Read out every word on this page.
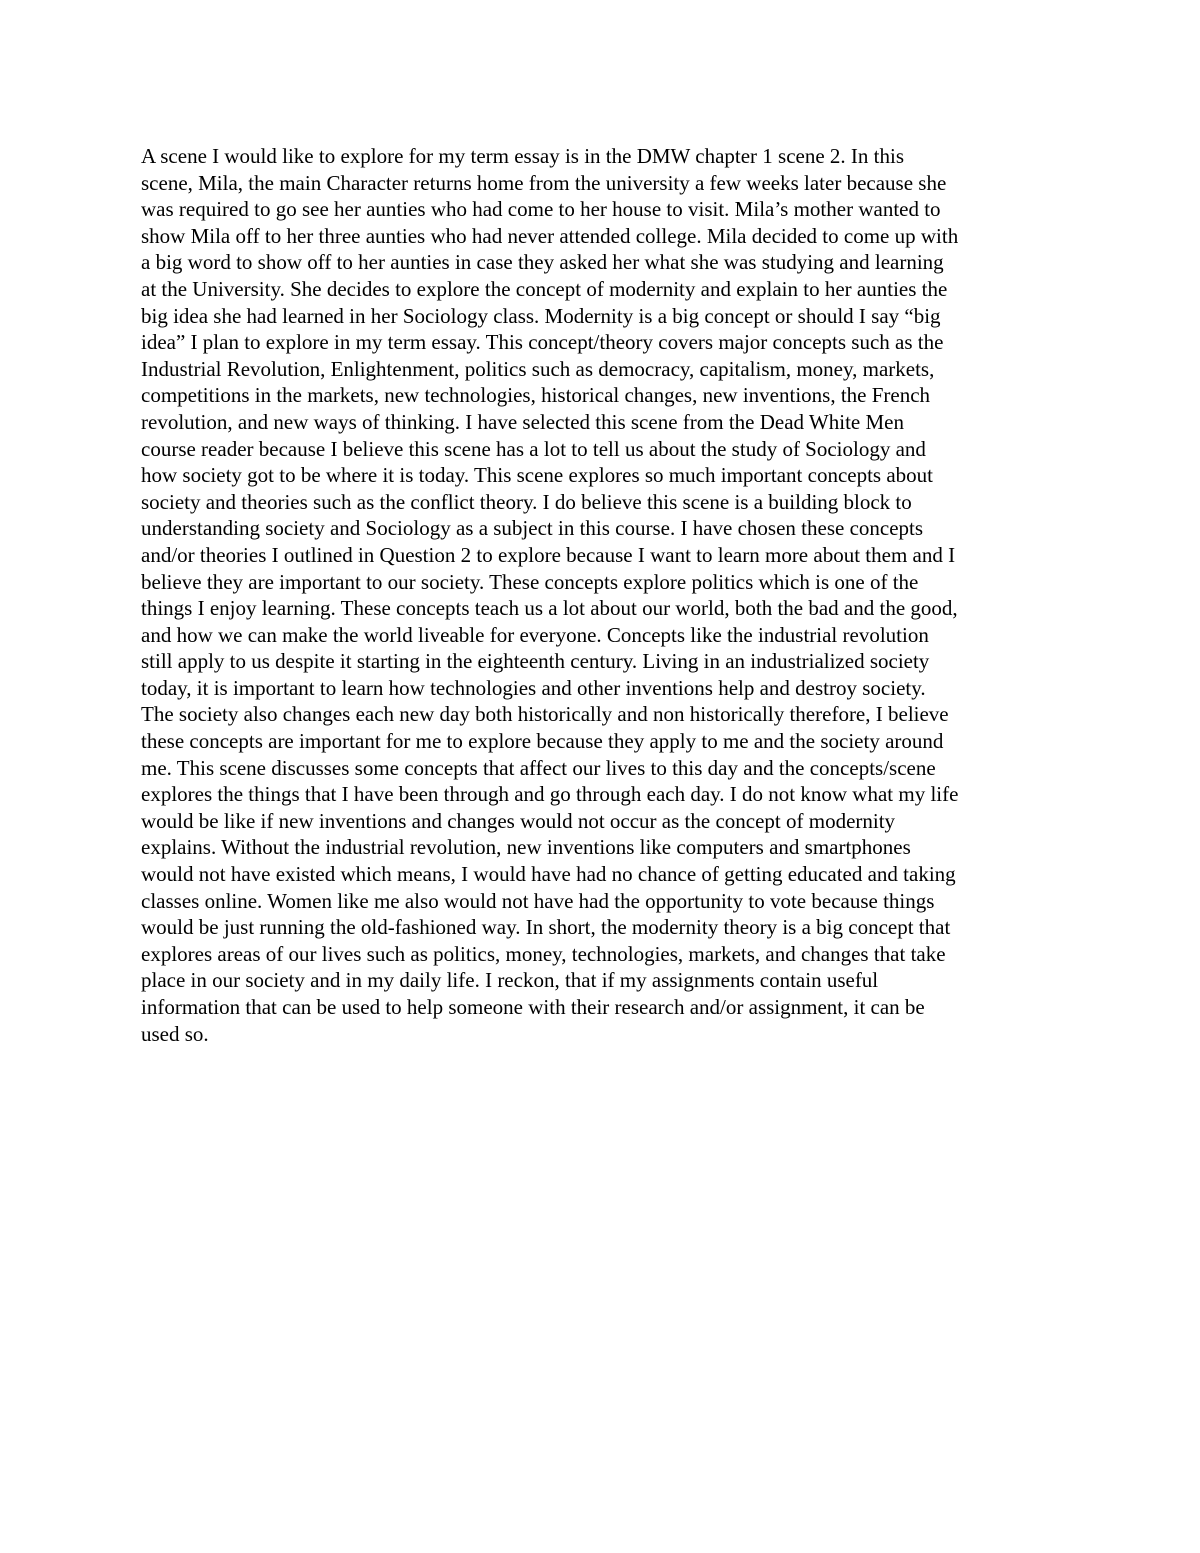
A scene I would like to explore for my term essay is in the DMW chapter 1 scene 2. In this
scene, Mila, the main Character returns home from the university a few weeks later because she
was required to go see her aunties who had come to her house to visit. Mila’s mother wanted to
show Mila off to her three aunties who had never attended college. Mila decided to come up with
a big word to show off to her aunties in case they asked her what she was studying and learning
at the University. She decides to explore the concept of modernity and explain to her aunties the
big idea she had learned in her Sociology class. Modernity is a big concept or should I say “big
idea” I plan to explore in my term essay. This concept/theory covers major concepts such as the
Industrial Revolution, Enlightenment, politics such as democracy, capitalism, money, markets,
competitions in the markets, new technologies, historical changes, new inventions, the French
revolution, and new ways of thinking. I have selected this scene from the Dead White Men
course reader because I believe this scene has a lot to tell us about the study of Sociology and
how society got to be where it is today. This scene explores so much important concepts about
society and theories such as the conflict theory. I do believe this scene is a building block to
understanding society and Sociology as a subject in this course. I have chosen these concepts
and/or theories I outlined in Question 2 to explore because I want to learn more about them and I
believe they are important to our society. These concepts explore politics which is one of the
things I enjoy learning. These concepts teach us a lot about our world, both the bad and the good,
and how we can make the world liveable for everyone. Concepts like the industrial revolution
still apply to us despite it starting in the eighteenth century. Living in an industrialized society
today, it is important to learn how technologies and other inventions help and destroy society.
The society also changes each new day both historically and non historically therefore, I believe
these concepts are important for me to explore because they apply to me and the society around
me. This scene discusses some concepts that affect our lives to this day and the concepts/scene
explores the things that I have been through and go through each day. I do not know what my life
would be like if new inventions and changes would not occur as the concept of modernity
explains. Without the industrial revolution, new inventions like computers and smartphones
would not have existed which means, I would have had no chance of getting educated and taking
classes online. Women like me also would not have had the opportunity to vote because things
would be just running the old-fashioned way. In short, the modernity theory is a big concept that
explores areas of our lives such as politics, money, technologies, markets, and changes that take
place in our society and in my daily life. I reckon, that if my assignments contain useful
information that can be used to help someone with their research and/or assignment, it can be
used so.
